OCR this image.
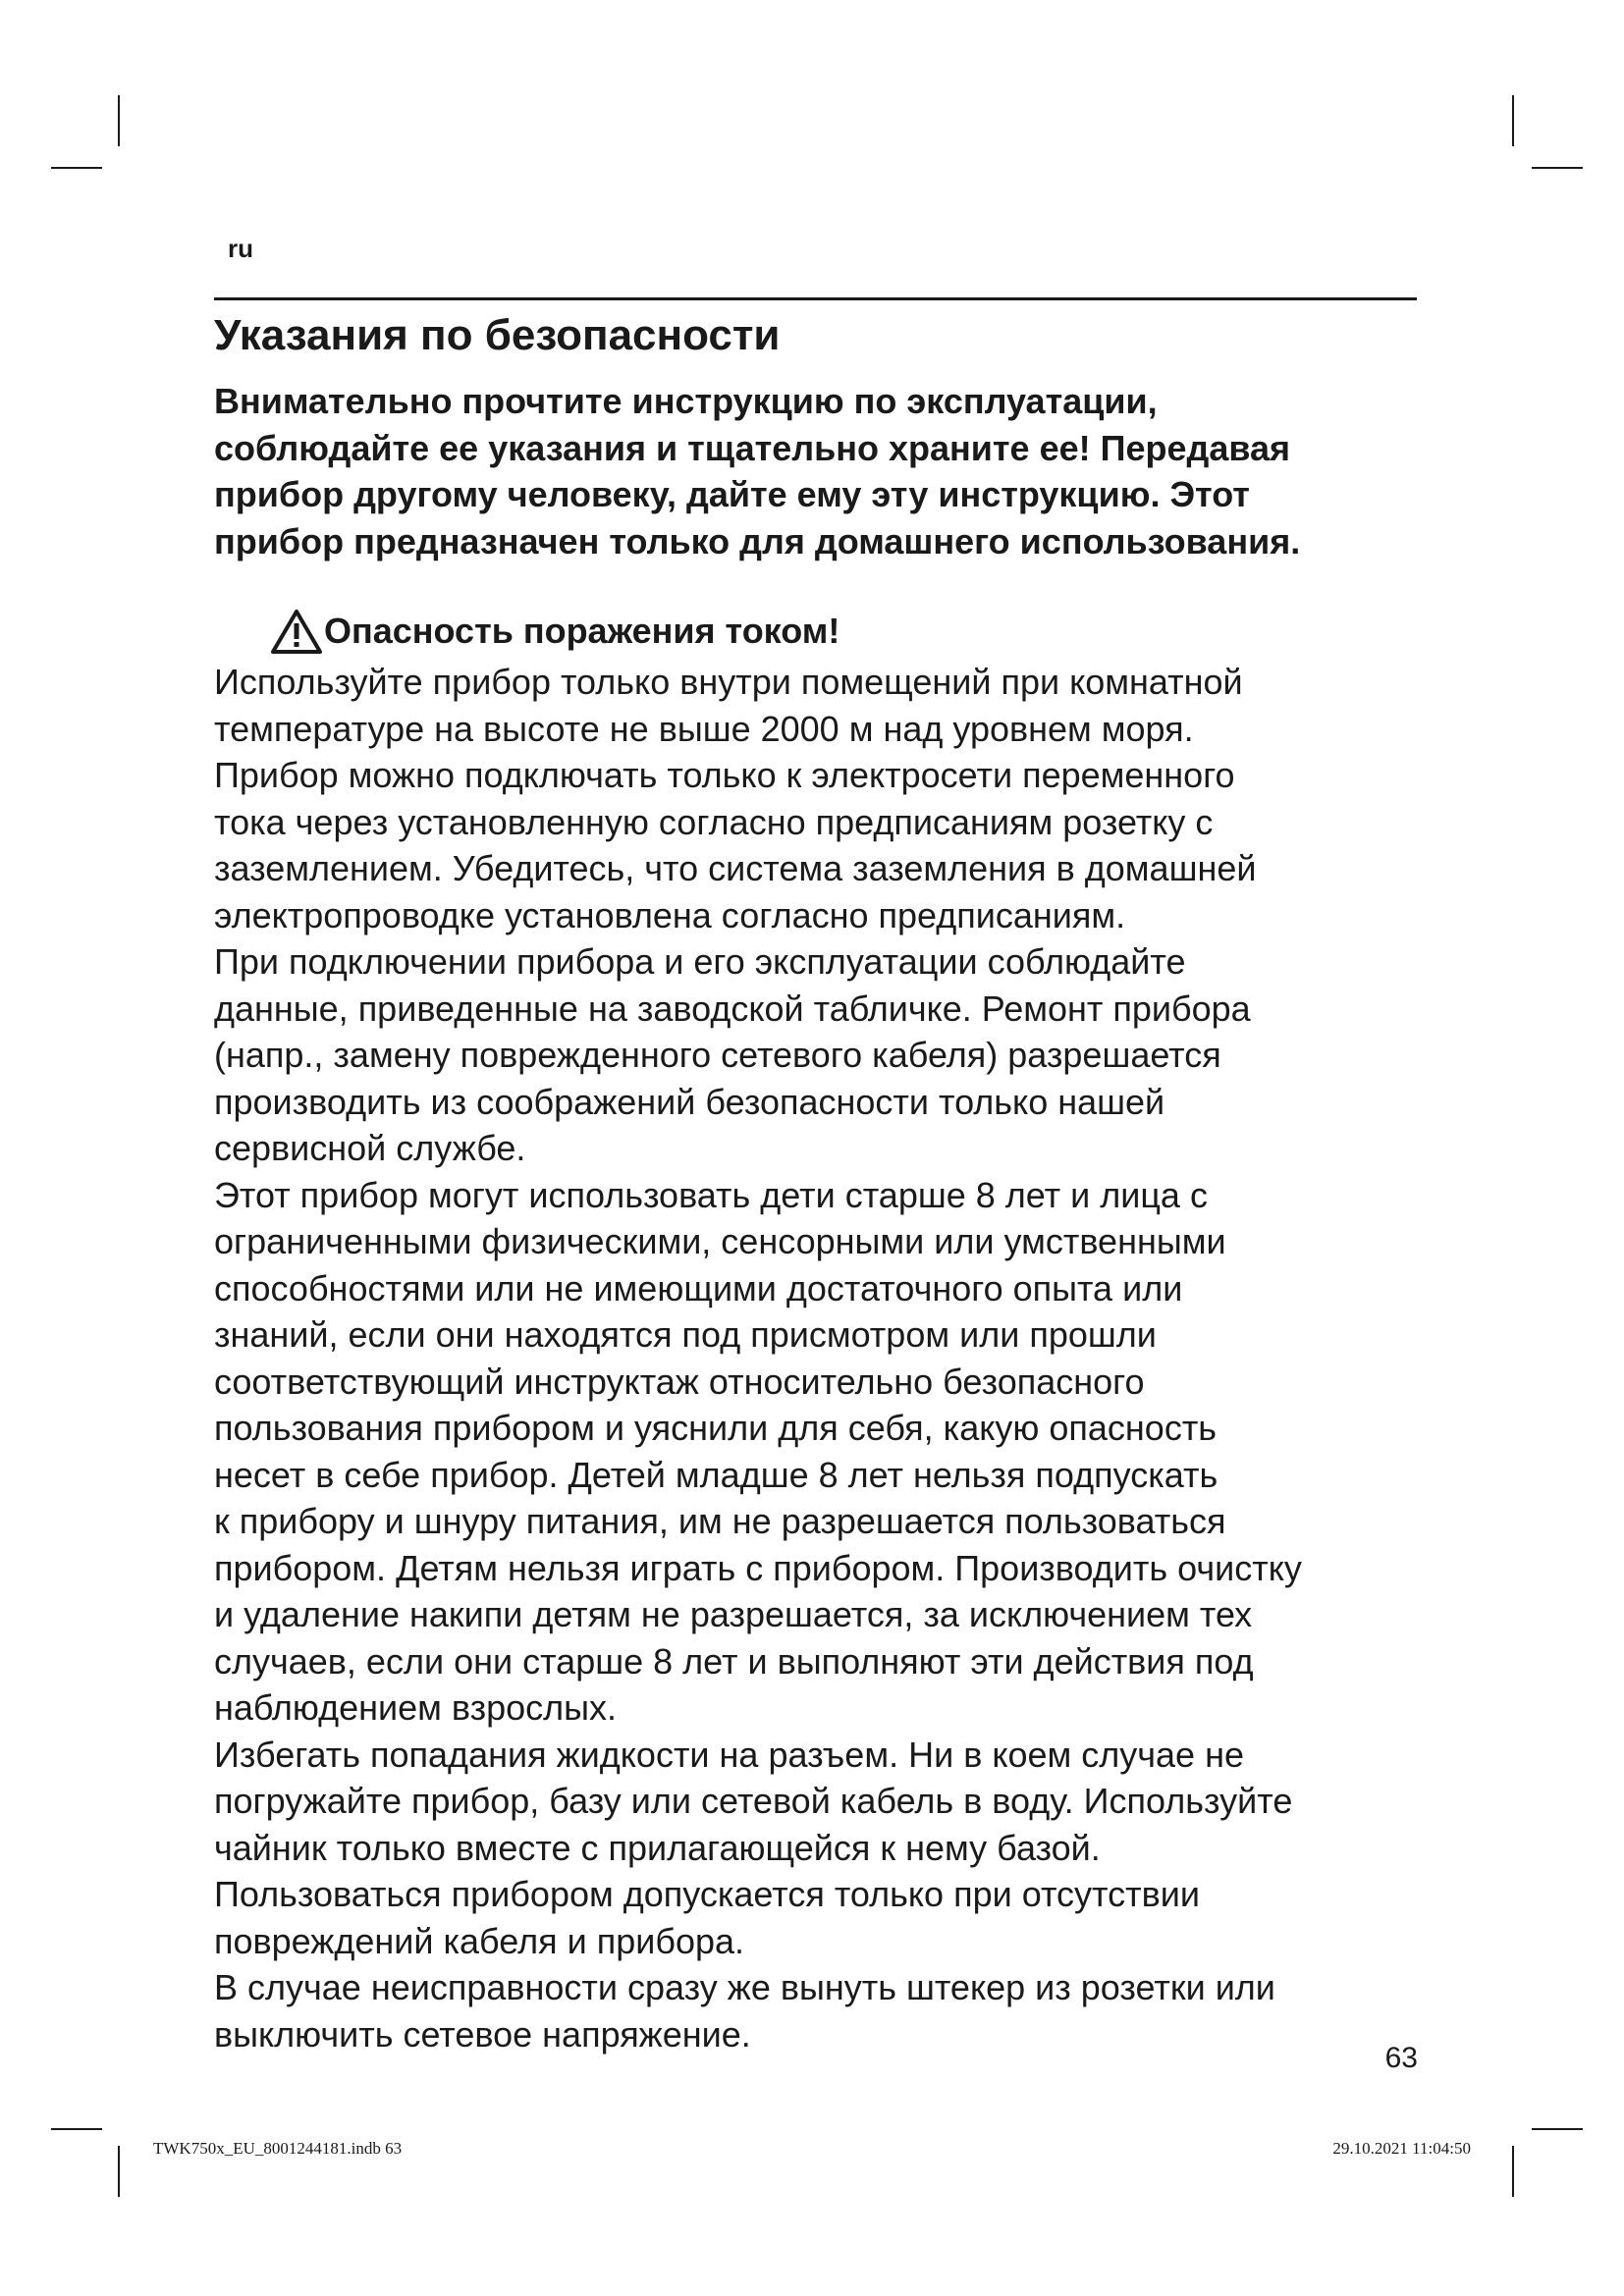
ru

Указания по безопасности
Внимательно прочтите инструкцию по эксплуатации,
соблюдайте ее указания и тщательно храните ее! Передавая
прибор другому человеку, дайте ему эту инструкцию. Этот
прибор предназначен только для домашнего использования.
Опасность поражения током!
Используйте прибор только внутри помещений при комнатной
температуре на высоте не выше 2000 м над уровнем моря.
Прибор можно подключать только к электросети переменного
тока через установленную согласно предписаниям розетку с
заземлением. Убедитесь, что система заземления в домашней
электропроводке установлена согласно предписаниям.
При подключении прибора и его эксплуатации соблюдайте
данные, приведенные на заводской табличке. Ремонт прибора
(напр., замену поврежденного сетевого кабеля) разрешается
производить из соображений безопасности только нашей
сервисной службе.
Этот прибор могут использовать дети старше 8 лет и лица с
ограниченными физическими, сенсорными или умственными
способностями или не имеющими достаточного опыта или
знаний, если они находятся под присмотром или прошли
соответствующий инструктаж относительно безопасного
пользования прибором и уяснили для себя, какую опасность
несет в себе прибор. Детей младше 8 лет нельзя подпускать
к прибору и шнуру питания, им не разрешается пользоваться
прибором. Детям нельзя играть с прибором. Производить очистку
и удаление накипи детям не разрешается, за исключением тех
случаев, если они старше 8 лет и выполняют эти действия под
наблюдением взрослых.
Избегать попадания жидкости на разъем. Ни в коем случае не
погружайте прибор, базу или сетевой кабель в воду. Используйте
чайник только вместе с прилагающейся к нему базой.
Пользоваться прибором допускается только при отсутствии
повреждений кабеля и прибора.
В случае неисправности сразу же вынуть штекер из розетки или
выключить сетевое напряжение.

63

TWK750x_EU_8001244181.indb 63	29.10.2021 11:04:50
